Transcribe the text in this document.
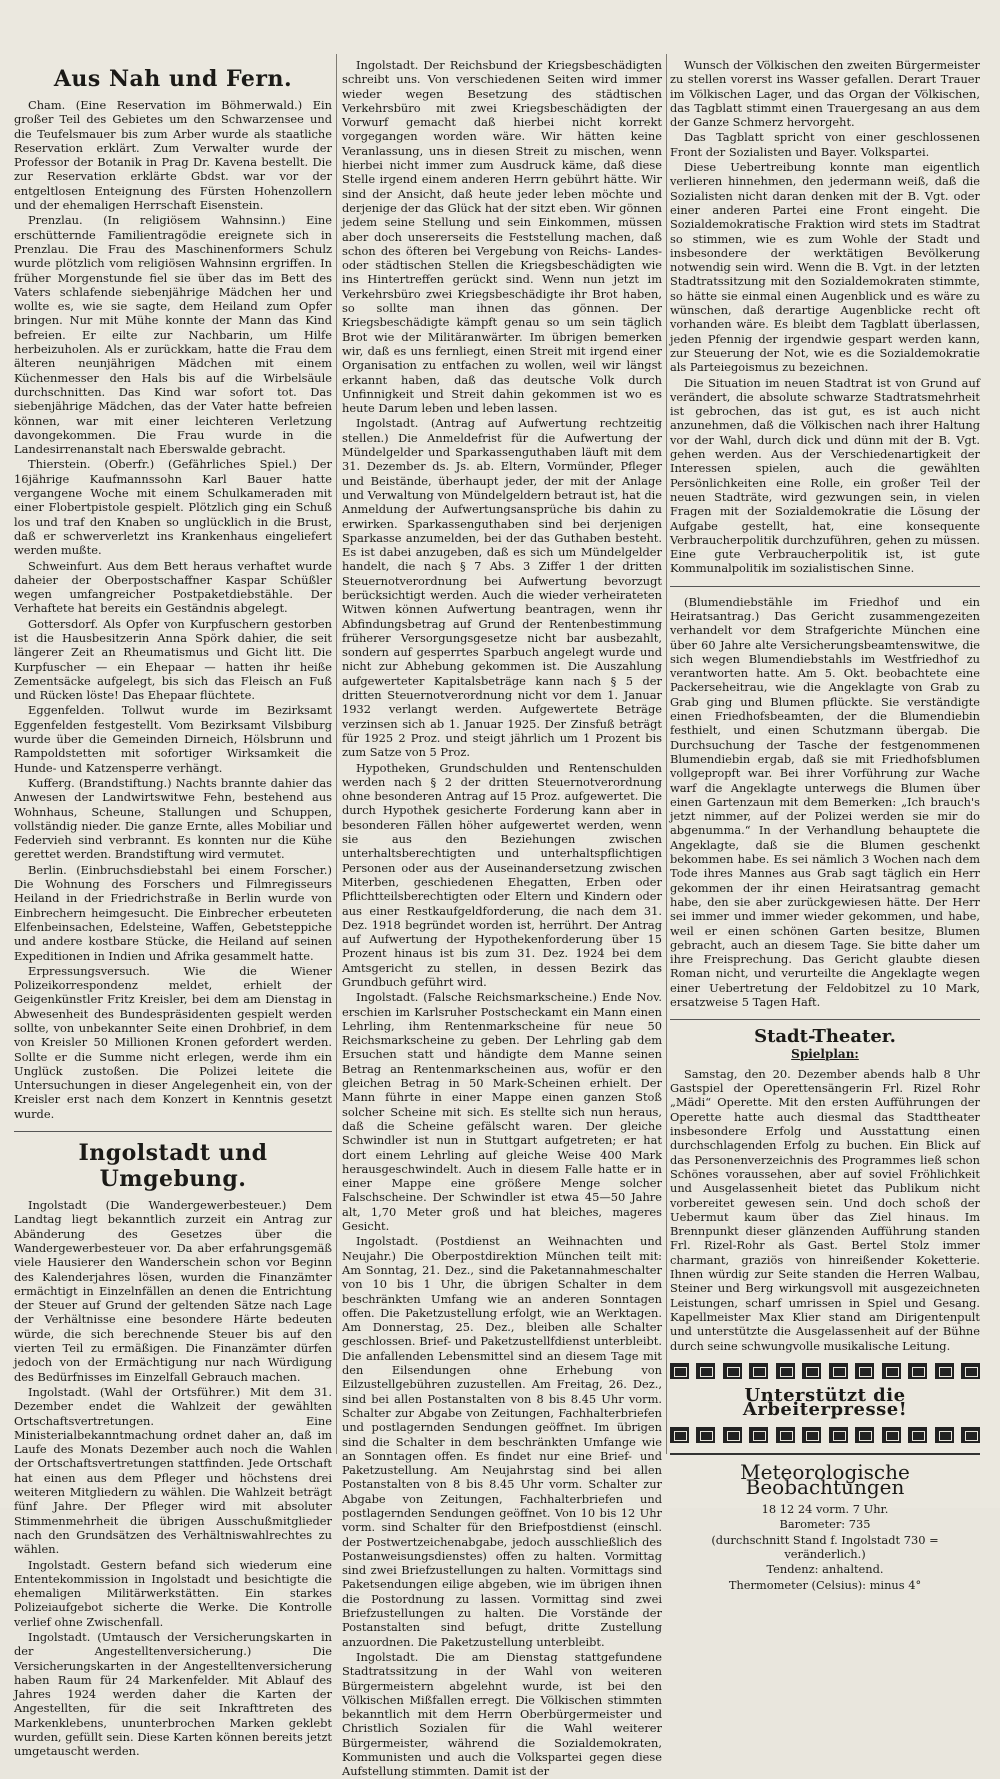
Aus Nah und Fern.

Cham. (Eine Reservation im Böhmerwald.) Ein großer Teil des Gebietes um den Schwarzensee und die Teufelsmauer bis zum Arber wurde als staatliche Reservation erklärt. Zum Verwalter wurde der Professor der Botanik in Prag Dr. Kavena bestellt. Die zur Reservation erklärte Gbdst. war vor der entgeltlosen Enteignung des Fürsten Hohenzollern und der ehemaligen Herrschaft Eisenstein.

Prenzlau. (In religiösem Wahnsinn.) Eine erschütternde Familientragödie ereignete sich in Prenzlau. Die Frau des Maschinenformers Schulz wurde plötzlich vom religiösen Wahnsinn ergriffen. In früher Morgenstunde fiel sie über das im Bett des Vaters schlafende siebenjährige Mädchen her und wollte es, wie sie sagte, dem Heiland zum Opfer bringen. Nur mit Mühe konnte der Mann das Kind befreien. Er eilte zur Nachbarin, um Hilfe herbeizuholen. Als er zurückkam, hatte die Frau dem älteren neunjährigen Mädchen mit einem Küchenmesser den Hals bis auf die Wirbelsäule durchschnitten. Das Kind war sofort tot. Das siebenjährige Mädchen, das der Vater hatte befreien können, war mit einer leichteren Verletzung davongekommen. Die Frau wurde in die Landesirrenanstalt nach Eberswalde gebracht.

Thierstein. (Oberfr.) (Gefährliches Spiel.) Der 16jährige Kaufmannssohn Karl Bauer hatte vergangene Woche mit einem Schulkameraden mit einer Flobertpistole gespielt. Plötzlich ging ein Schuß los und traf den Knaben so unglücklich in die Brust, daß er schwerverletzt ins Krankenhaus eingeliefert werden mußte.

Schweinfurt. Aus dem Bett heraus verhaftet wurde daheier der Oberpostschaffner Kaspar Schüßler wegen umfangreicher Postpaketdiebstähle. Der Verhaftete hat bereits ein Geständnis abgelegt.

Gottersdorf. Als Opfer von Kurpfuschern gestorben ist die Hausbesitzerin Anna Spörk dahier, die seit längerer Zeit an Rheumatismus und Gicht litt. Die Kurpfuscher — ein Ehepaar — hatten ihr heiße Zementsäcke aufgelegt, bis sich das Fleisch an Fuß und Rücken löste! Das Ehepaar flüchtete.

Eggenfelden. Tollwut wurde im Bezirksamt Eggenfelden festgestellt. Vom Bezirksamt Vilsbiburg wurde über die Gemeinden Dirneich, Hölsbrunn und Rampoldstetten mit sofortiger Wirksamkeit die Hunde- und Katzensperre verhängt.

Kufferg. (Brandstiftung.) Nachts brannte dahier das Anwesen der Landwirtswitwe Fehn, bestehend aus Wohnhaus, Scheune, Stallungen und Schuppen, vollständig nieder. Die ganze Ernte, alles Mobiliar und Federvieh sind verbrannt. Es konnten nur die Kühe gerettet werden. Brandstiftung wird vermutet.

Berlin. (Einbruchsdiebstahl bei einem Forscher.) Die Wohnung des Forschers und Filmregisseurs Heiland in der Friedrichstraße in Berlin wurde von Einbrechern heimgesucht. Die Einbrecher erbeuteten Elfenbeinsachen, Edelsteine, Waffen, Gebetsteppiche und andere kostbare Stücke, die Heiland auf seinen Expeditionen in Indien und Afrika gesammelt hatte.

Erpressungsversuch. Wie die Wiener Polizeikorrespondenz meldet, erhielt der Geigenkünstler Fritz Kreisler, bei dem am Dienstag in Abwesenheit des Bundespräsidenten gespielt werden sollte, von unbekannter Seite einen Drohbrief, in dem von Kreisler 50 Millionen Kronen gefordert werden. Sollte er die Summe nicht erlegen, werde ihm ein Unglück zustoßen. Die Polizei leitete die Untersuchungen in dieser Angelegenheit ein, von der Kreisler erst nach dem Konzert in Kenntnis gesetzt wurde.

Ingolstadt und Umgebung.

Ingolstadt (Die Wandergewerbesteuer.) Dem Landtag liegt bekanntlich zurzeit ein Antrag zur Abänderung des Gesetzes über die Wandergewerbesteuer vor. Da aber erfahrungsgemäß viele Hausierer den Wanderschein schon vor Beginn des Kalenderjahres lösen, wurden die Finanzämter ermächtigt in Einzelnfällen an denen die Entrichtung der Steuer auf Grund der geltenden Sätze nach Lage der Verhältnisse eine besondere Härte bedeuten würde, die sich berechnende Steuer bis auf den vierten Teil zu ermäßigen. Die Finanzämter dürfen jedoch von der Ermächtigung nur nach Würdigung des Bedürfnisses im Einzelfall Gebrauch machen.

Ingolstadt. (Wahl der Ortsführer.) Mit dem 31. Dezember endet die Wahlzeit der gewählten Ortschaftsvertretungen. Eine Ministerialbekanntmachung ordnet daher an, daß im Laufe des Monats Dezember auch noch die Wahlen der Ortschaftsvertretungen stattfinden. Jede Ortschaft hat einen aus dem Pfleger und höchstens drei weiteren Mitgliedern zu wählen. Die Wahlzeit beträgt fünf Jahre. Der Pfleger wird mit absoluter Stimmenmehrheit die übrigen Ausschußmitglieder nach den Grundsätzen des Verhältniswahlrechtes zu wählen.

Ingolstadt. Gestern befand sich wiederum eine Ententekommission in Ingolstadt und besichtigte die ehemaligen Militärwerkstätten. Ein starkes Polizeiaufgebot sicherte die Werke. Die Kontrolle verlief ohne Zwischenfall.

Ingolstadt. (Umtausch der Versicherungskarten in der Angestelltenversicherung.) Die Versicherungskarten in der Angestelltenversicherung haben Raum für 24 Markenfelder. Mit Ablauf des Jahres 1924 werden daher die Karten der Angestellten, für die seit Inkrafttreten des Markenklebens, ununterbrochen Marken geklebt wurden, gefüllt sein. Diese Karten können bereits jetzt umgetauscht werden.

Ingolstadt. Der Reichsbund der Kriegsbeschädigten schreibt uns. Von verschiedenen Seiten wird immer wieder wegen Besetzung des städtischen Verkehrsbüro mit zwei Kriegsbeschädigten der Vorwurf gemacht daß hierbei nicht korrekt vorgegangen worden wäre. Wir hätten keine Veranlassung, uns in diesen Streit zu mischen, wenn hierbei nicht immer zum Ausdruck käme, daß diese Stelle irgend einem anderen Herrn gebührt hätte. Wir sind der Ansicht, daß heute jeder leben möchte und derjenige der das Glück hat der sitzt eben. Wir gönnen jedem seine Stellung und sein Einkommen, müssen aber doch unsererseits die Feststellung machen, daß schon des öfteren bei Vergebung von Reichs- Landes- oder städtischen Stellen die Kriegsbeschädigten wie ins Hintertreffen gerückt sind. Wenn nun jetzt im Verkehrsbüro zwei Kriegsbeschädigte ihr Brot haben, so sollte man ihnen das gönnen. Der Kriegsbeschädigte kämpft genau so um sein täglich Brot wie der Militäranwärter. Im übrigen bemerken wir, daß es uns fernliegt, einen Streit mit irgend einer Organisation zu entfachen zu wollen, weil wir längst erkannt haben, daß das deutsche Volk durch Unfinnigkeit und Streit dahin gekommen ist wo es heute Darum leben und leben lassen.

Ingolstadt. (Antrag auf Aufwertung rechtzeitig stellen.) Die Anmeldefrist für die Aufwertung der Mündelgelder und Sparkassenguthaben läuft mit dem 31. Dezember ds. Js. ab. Eltern, Vormünder, Pfleger und Beistände, überhaupt jeder, der mit der Anlage und Verwaltung von Mündelgeldern betraut ist, hat die Anmeldung der Aufwertungsansprüche bis dahin zu erwirken. Sparkassenguthaben sind bei derjenigen Sparkasse anzumelden, bei der das Guthaben besteht. Es ist dabei anzugeben, daß es sich um Mündelgelder handelt, die nach § 7 Abs. 3 Ziffer 1 der dritten Steuernotverordnung bei Aufwertung bevorzugt berücksichtigt werden. Auch die wieder verheirateten Witwen können Aufwertung beantragen, wenn ihr Abfindungsbetrag auf Grund der Rentenbestimmung früherer Versorgungsgesetze nicht bar ausbezahlt, sondern auf gesperrtes Sparbuch angelegt wurde und nicht zur Abhebung gekommen ist. Die Auszahlung aufgewerteter Kapitalsbeträge kann nach § 5 der dritten Steuernotverordnung nicht vor dem 1. Januar 1932 verlangt werden. Aufgewertete Beträge verzinsen sich ab 1. Januar 1925. Der Zinsfuß beträgt für 1925 2 Proz. und steigt jährlich um 1 Prozent bis zum Satze von 5 Proz.

Hypotheken, Grundschulden und Rentenschulden werden nach § 2 der dritten Steuernotverordnung ohne besonderen Antrag auf 15 Proz. aufgewertet. Die durch Hypothek gesicherte Forderung kann aber in besonderen Fällen höher aufgewertet werden, wenn sie aus den Beziehungen zwischen unterhaltsberechtigten und unterhaltspflichtigen Personen oder aus der Auseinandersetzung zwischen Miterben, geschiedenen Ehegatten, Erben oder Pflichtteilsberechtigten oder Eltern und Kindern oder aus einer Restkaufgeldforderung, die nach dem 31. Dez. 1918 begründet worden ist, herrührt. Der Antrag auf Aufwertung der Hypothekenforderung über 15 Prozent hinaus ist bis zum 31. Dez. 1924 bei dem Amtsgericht zu stellen, in dessen Bezirk das Grundbuch geführt wird.

Ingolstadt. (Falsche Reichsmarkscheine.) Ende Nov. erschien im Karlsruher Postscheckamt ein Mann einen Lehrling, ihm Rentenmarkscheine für neue 50 Reichsmarkscheine zu geben. Der Lehrling gab dem Ersuchen statt und händigte dem Manne seinen Betrag an Rentenmarkscheinen aus, wofür er den gleichen Betrag in 50 Mark-Scheinen erhielt. Der Mann führte in einer Mappe einen ganzen Stoß solcher Scheine mit sich. Es stellte sich nun heraus, daß die Scheine gefälscht waren. Der gleiche Schwindler ist nun in Stuttgart aufgetreten; er hat dort einem Lehrling auf gleiche Weise 400 Mark herausgeschwindelt. Auch in diesem Falle hatte er in einer Mappe eine größere Menge solcher Falschscheine. Der Schwindler ist etwa 45—50 Jahre alt, 1,70 Meter groß und hat bleiches, mageres Gesicht.

Ingolstadt. (Postdienst an Weihnachten und Neujahr.) Die Oberpostdirektion München teilt mit: Am Sonntag, 21. Dez., sind die Paketannahmeschalter von 10 bis 1 Uhr, die übrigen Schalter in dem beschränkten Umfang wie an anderen Sonntagen offen. Die Paketzustellung erfolgt, wie an Werktagen. Am Donnerstag, 25. Dez., bleiben alle Schalter geschlossen. Brief- und Paketzustellfdienst unterbleibt. Die anfallenden Lebensmittel sind an diesem Tage mit den Eilsendungen ohne Erhebung von Eilzustellgebühren zuzustellen. Am Freitag, 26. Dez., sind bei allen Postanstalten von 8 bis 8.45 Uhr vorm. Schalter zur Abgabe von Zeitungen, Fachhalterbriefen und postlagernden Sendungen geöffnet. Im übrigen sind die Schalter in dem beschränkten Umfange wie an Sonntagen offen. Es findet nur eine Brief- und Paketzustellung. Am Neujahrstag sind bei allen Postanstalten von 8 bis 8.45 Uhr vorm. Schalter zur Abgabe von Zeitungen, Fachhalterbriefen und postlagernden Sendungen geöffnet. Von 10 bis 12 Uhr vorm. sind Schalter für den Briefpostdienst (einschl. der Postwertzeichenabgabe, jedoch ausschließlich des Postanweisungsdienstes) offen zu halten. Vormittag sind zwei Briefzustellungen zu halten. Vormittags sind Paketsendungen eilige abgeben, wie im übrigen ihnen die Postordnung zu lassen. Vormittag sind zwei Briefzustellungen zu halten. Die Vorstände der Postanstalten sind befugt, dritte Zustellung anzuordnen. Die Paketzustellung unterbleibt.

Ingolstadt. Die am Dienstag stattgefundene Stadtratssitzung in der Wahl von weiteren Bürgermeistern abgelehnt wurde, ist bei den Völkischen Mißfallen erregt. Die Völkischen stimmten bekanntlich mit dem Herrn Oberbürgermeister und Christlich Sozialen für die Wahl weiterer Bürgermeister, während die Sozialdemokraten, Kommunisten und auch die Volkspartei gegen diese Aufstellung stimmten. Damit ist der

Wunsch der Völkischen den zweiten Bürgermeister zu stellen vorerst ins Wasser gefallen. Derart Trauer im Völkischen Lager, und das Organ der Völkischen, das Tagblatt stimmt einen Trauergesang an aus dem der Ganze Schmerz hervorgeht.

Das Tagblatt spricht von einer geschlossenen Front der Sozialisten und Bayer. Volkspartei.

Diese Uebertreibung konnte man eigentlich verlieren hinnehmen, den jedermann weiß, daß die Sozialisten nicht daran denken mit der B. Vgt. oder einer anderen Partei eine Front eingeht. Die Sozialdemokratische Fraktion wird stets im Stadtrat so stimmen, wie es zum Wohle der Stadt und insbesondere der werktätigen Bevölkerung notwendig sein wird. Wenn die B. Vgt. in der letzten Stadtratssitzung mit den Sozialdemokraten stimmte, so hätte sie einmal einen Augenblick und es wäre zu wünschen, daß derartige Augenblicke recht oft vorhanden wäre. Es bleibt dem Tagblatt überlassen, jeden Pfennig der irgendwie gespart werden kann, zur Steuerung der Not, wie es die Sozialdemokratie als Parteiegoismus zu bezeichnen.

Die Situation im neuen Stadtrat ist von Grund auf verändert, die absolute schwarze Stadtratsmehrheit ist gebrochen, das ist gut, es ist auch nicht anzunehmen, daß die Völkischen nach ihrer Haltung vor der Wahl, durch dick und dünn mit der B. Vgt. gehen werden. Aus der Verschiedenartigkeit der Interessen spielen, auch die gewählten Persönlichkeiten eine Rolle, ein großer Teil der neuen Stadträte, wird gezwungen sein, in vielen Fragen mit der Sozialdemokratie die Lösung der Aufgabe gestellt, hat, eine konsequente Verbraucherpolitik durchzuführen, gehen zu müssen. Eine gute Verbraucherpolitik ist, ist gute Kommunalpolitik im sozialistischen Sinne.

(Blumendiebstähle im Friedhof und ein Heiratsantrag.) Das Gericht zusammengezeiten verhandelt vor dem Strafgerichte München eine über 60 Jahre alte Versicherungsbeamtenswitwe, die sich wegen Blumendiebstahls im Westfriedhof zu verantworten hatte. Am 5. Okt. beobachtete eine Packerseheitrau, wie die Angeklagte von Grab zu Grab ging und Blumen pflückte. Sie verständigte einen Friedhofsbeamten, der die Blumendiebin festhielt, und einen Schutzmann übergab. Die Durchsuchung der Tasche der festgenommenen Blumendiebin ergab, daß sie mit Friedhofsblumen vollgepropft war. Bei ihrer Vorführung zur Wache warf die Angeklagte unterwegs die Blumen über einen Gartenzaun mit dem Bemerken: „Ich brauch's jetzt nimmer, auf der Polizei werden sie mir do abgenumma.“ In der Verhandlung behauptete die Angeklagte, daß sie die Blumen geschenkt bekommen habe. Es sei nämlich 3 Wochen nach dem Tode ihres Mannes aus Grab sagt täglich ein Herr gekommen der ihr einen Heiratsantrag gemacht habe, den sie aber zurückgewiesen hätte. Der Herr sei immer und immer wieder gekommen, und habe, weil er einen schönen Garten besitze, Blumen gebracht, auch an diesem Tage. Sie bitte daher um ihre Freisprechung. Das Gericht glaubte diesen Roman nicht, und verurteilte die Angeklagte wegen einer Uebertretung der Feldobitzel zu 10 Mark, ersatzweise 5 Tagen Haft.

Stadt-Theater.
Spielplan:

Samstag, den 20. Dezember abends halb 8 Uhr Gastspiel der Operettensängerin Frl. Rizel Rohr „Mädi“ Operette. Mit den ersten Aufführungen der Operette hatte auch diesmal das Stadttheater insbesondere Erfolg und Ausstattung einen durchschlagenden Erfolg zu buchen. Ein Blick auf das Personenverzeichnis des Programmes ließ schon Schönes voraussehen, aber auf soviel Fröhlichkeit und Ausgelassenheit bietet das Publikum nicht vorbereitet gewesen sein. Und doch schoß der Uebermut kaum über das Ziel hinaus. Im Brennpunkt dieser glänzenden Aufführung standen Frl. Rizel-Rohr als Gast. Bertel Stolz immer charmant, graziös von hinreißender Koketterie. Ihnen würdig zur Seite standen die Herren Walbau, Steiner und Berg wirkungsvoll mit ausgezeichneten Leistungen, scharf umrissen in Spiel und Gesang. Kapellmeister Max Klier stand am Dirigentenpult und unterstützte die Ausgelassenheit auf der Bühne durch seine schwungvolle musikalische Leitung.

Unterstützt die Arbeiterpresse!
Meteorologische Beobachtungen
18 12 24 vorm. 7 Uhr.
Barometer: 735
(durchschnitt Stand f. Ingolstadt 730 = veränderlich.)
Tendenz: anhaltend.
Thermometer (Celsius): minus 4°
